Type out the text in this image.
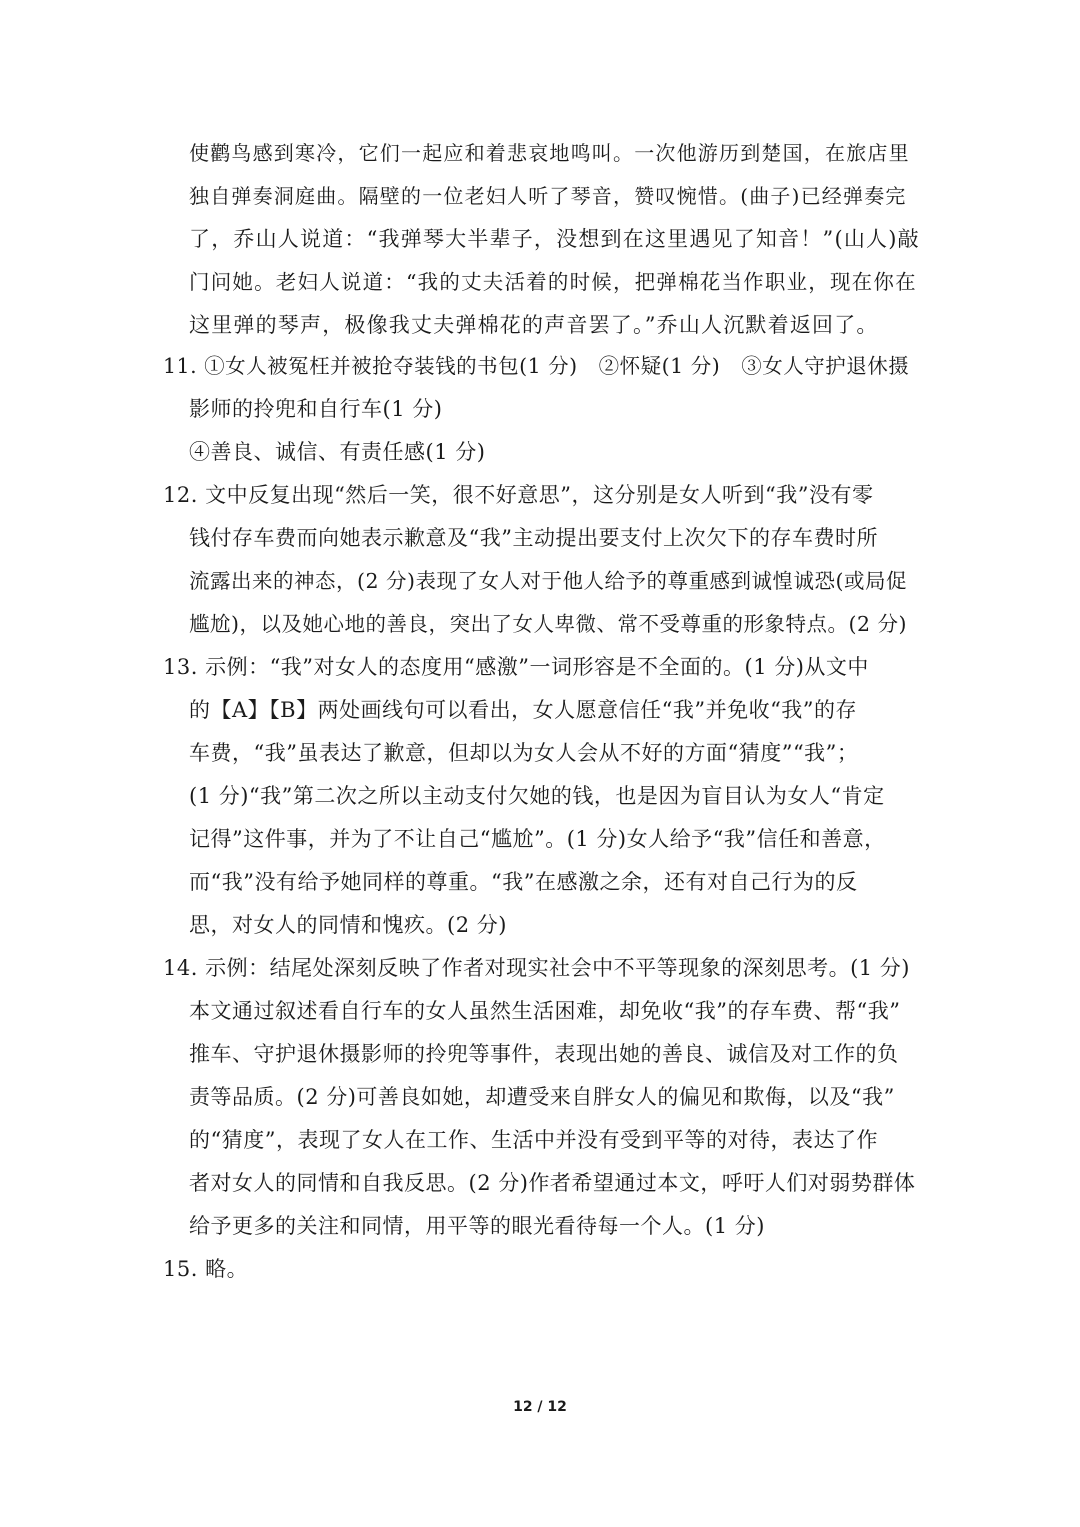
使鹳鸟感到寒冷，它们一起应和着悲哀地鸣叫。一次他游历到楚国，在旅店里
独自弹奏洞庭曲。隔壁的一位老妇人听了琴音，赞叹惋惜。(曲子)已经弹奏完
了，乔山人说道：“我弹琴大半辈子，没想到在这里遇见了知音！”(山人)敲
门问她。老妇人说道：“我的丈夫活着的时候，把弹棉花当作职业，现在你在
这里弹的琴声，极像我丈夫弹棉花的声音罢了。”乔山人沉默着返回了。
11. ①女人被冤枉并被抢夺装钱的书包(1 分)　②怀疑(1 分)　③女人守护退休摄
影师的拎兜和自行车(1 分)
④善良、诚信、有责任感(1 分)
12. 文中反复出现“然后一笑，很不好意思”，这分别是女人听到“我”没有零
钱付存车费而向她表示歉意及“我”主动提出要支付上次欠下的存车费时所
流露出来的神态，(2 分)表现了女人对于他人给予的尊重感到诚惶诚恐(或局促
尴尬)，以及她心地的善良，突出了女人卑微、常不受尊重的形象特点。(2 分)
13. 示例：“我”对女人的态度用“感激”一词形容是不全面的。(1 分)从文中
的【A】【B】两处画线句可以看出，女人愿意信任“我”并免收“我”的存
车费，“我”虽表达了歉意，但却以为女人会从不好的方面“猜度”“我”；
(1 分)“我”第二次之所以主动支付欠她的钱，也是因为盲目认为女人“肯定
记得”这件事，并为了不让自己“尴尬”。(1 分)女人给予“我”信任和善意，
而“我”没有给予她同样的尊重。“我”在感激之余，还有对自己行为的反
思，对女人的同情和愧疚。(2 分)
14. 示例：结尾处深刻反映了作者对现实社会中不平等现象的深刻思考。(1 分)
本文通过叙述看自行车的女人虽然生活困难，却免收“我”的存车费、帮“我”
推车、守护退休摄影师的拎兜等事件，表现出她的善良、诚信及对工作的负
责等品质。(2 分)可善良如她，却遭受来自胖女人的偏见和欺侮，以及“我”
的“猜度”，表现了女人在工作、生活中并没有受到平等的对待，表达了作
者对女人的同情和自我反思。(2 分)作者希望通过本文，呼吁人们对弱势群体
给予更多的关注和同情，用平等的眼光看待每一个人。(1 分)
15. 略。
12 / 12
